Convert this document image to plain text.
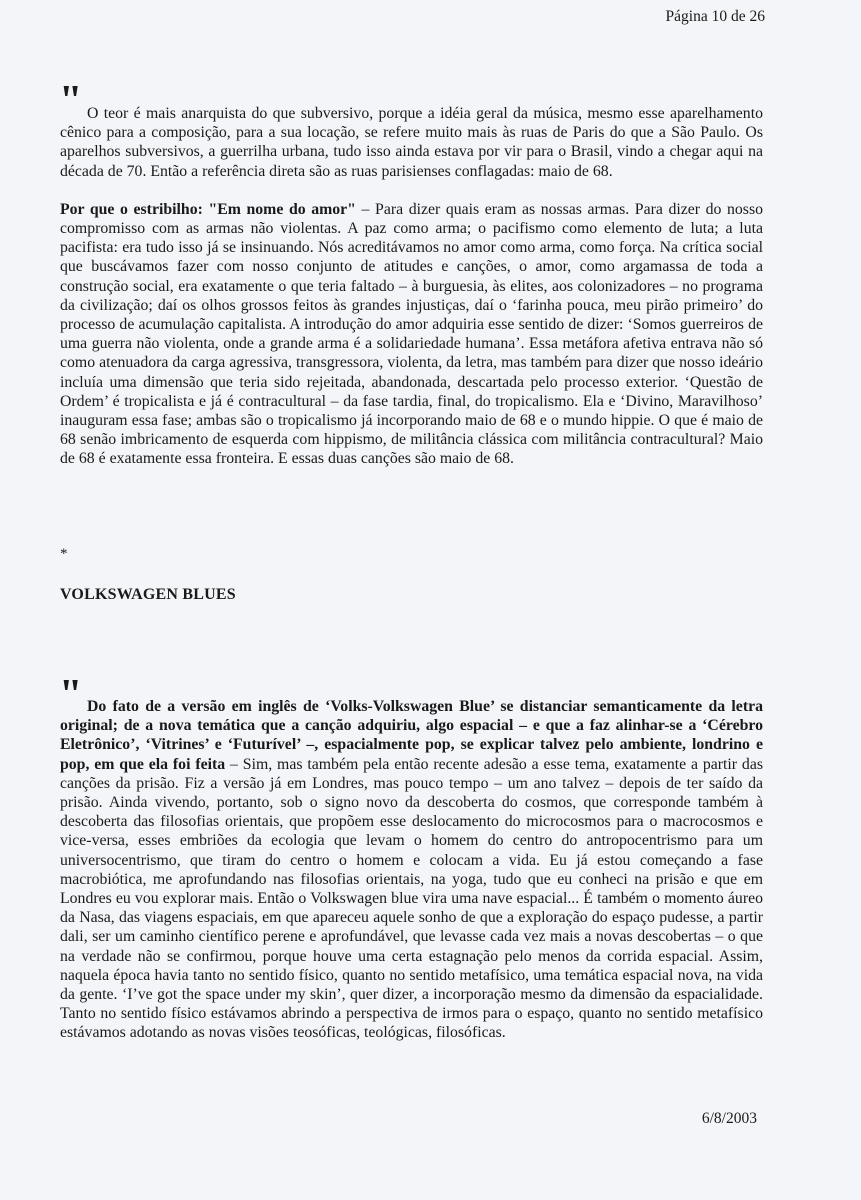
Página 10 de 26
" O teor é mais anarquista do que subversivo, porque a idéia geral da música, mesmo esse aparelhamento cênico para a composição, para a sua locação, se refere muito mais às ruas de Paris do que a São Paulo. Os aparelhos subversivos, a guerrilha urbana, tudo isso ainda estava por vir para o Brasil, vindo a chegar aqui na década de 70. Então a referência direta são as ruas parisienses conflagadas: maio de 68.

Por que o estribilho: "Em nome do amor" – Para dizer quais eram as nossas armas. Para dizer do nosso compromisso com as armas não violentas. A paz como arma; o pacifismo como elemento de luta; a luta pacifista: era tudo isso já se insinuando. Nós acreditávamos no amor como arma, como força. Na crítica social que buscávamos fazer com nosso conjunto de atitudes e canções, o amor, como argamassa de toda a construção social, era exatamente o que teria faltado – à burguesia, às elites, aos colonizadores – no programa da civilização; daí os olhos grossos feitos às grandes injustiças, daí o ‘farinha pouca, meu pirão primeiro’ do processo de acumulação capitalista. A introdução do amor adquiria esse sentido de dizer: ‘Somos guerreiros de uma guerra não violenta, onde a grande arma é a solidariedade humana’. Essa metáfora afetiva entrava não só como atenuadora da carga agressiva, transgressora, violenta, da letra, mas também para dizer que nosso ideário incluía uma dimensão que teria sido rejeitada, abandonada, descartada pelo processo exterior. ‘Questão de Ordem’ é tropicalista e já é contracultural – da fase tardia, final, do tropicalismo. Ela e ‘Divino, Maravilhoso’ inauguram essa fase; ambas são o tropicalismo já incorporando maio de 68 e o mundo hippie. O que é maio de 68 senão imbricamento de esquerda com hippismo, de militância clássica com militância contracultural? Maio de 68 é exatamente essa fronteira. E essas duas canções são maio de 68.

*
VOLKSWAGEN BLUES
" Do fato de a versão em inglês de ‘Volks-Volkswagen Blue’ se distanciar semanticamente da letra original; de a nova temática que a canção adquiriu, algo espacial – e que a faz alinhar-se a ‘Cérebro Eletrônico’, ‘Vitrines’ e ‘Futurível’ –, espacialmente pop, se explicar talvez pelo ambiente, londrino e pop, em que ela foi feita – Sim, mas também pela então recente adesão a esse tema, exatamente a partir das canções da prisão. Fiz a versão já em Londres, mas pouco tempo – um ano talvez – depois de ter saído da prisão. Ainda vivendo, portanto, sob o signo novo da descoberta do cosmos, que corresponde também à descoberta das filosofias orientais, que propõem esse deslocamento do microcosmos para o macrocosmos e vice-versa, esses embriões da ecologia que levam o homem do centro do antropocentrismo para um universocentrismo, que tiram do centro o homem e colocam a vida. Eu já estou começando a fase macrobiótica, me aprofundando nas filosofias orientais, na yoga, tudo que eu conheci na prisão e que em Londres eu vou explorar mais. Então o Volkswagen blue vira uma nave espacial... É também o momento áureo da Nasa, das viagens espaciais, em que apareceu aquele sonho de que a exploração do espaço pudesse, a partir dali, ser um caminho científico perene e aprofundável, que levasse cada vez mais a novas descobertas – o que na verdade não se confirmou, porque houve uma certa estagnação pelo menos da corrida espacial. Assim, naquela época havia tanto no sentido físico, quanto no sentido metafísico, uma temática espacial nova, na vida da gente. ‘I’ve got the space under my skin’, quer dizer, a incorporação mesmo da dimensão da espacialidade. Tanto no sentido físico estávamos abrindo a perspectiva de irmos para o espaço, quanto no sentido metafísico estávamos adotando as novas visões teosóficas, teológicas, filosóficas.

6/8/2003
